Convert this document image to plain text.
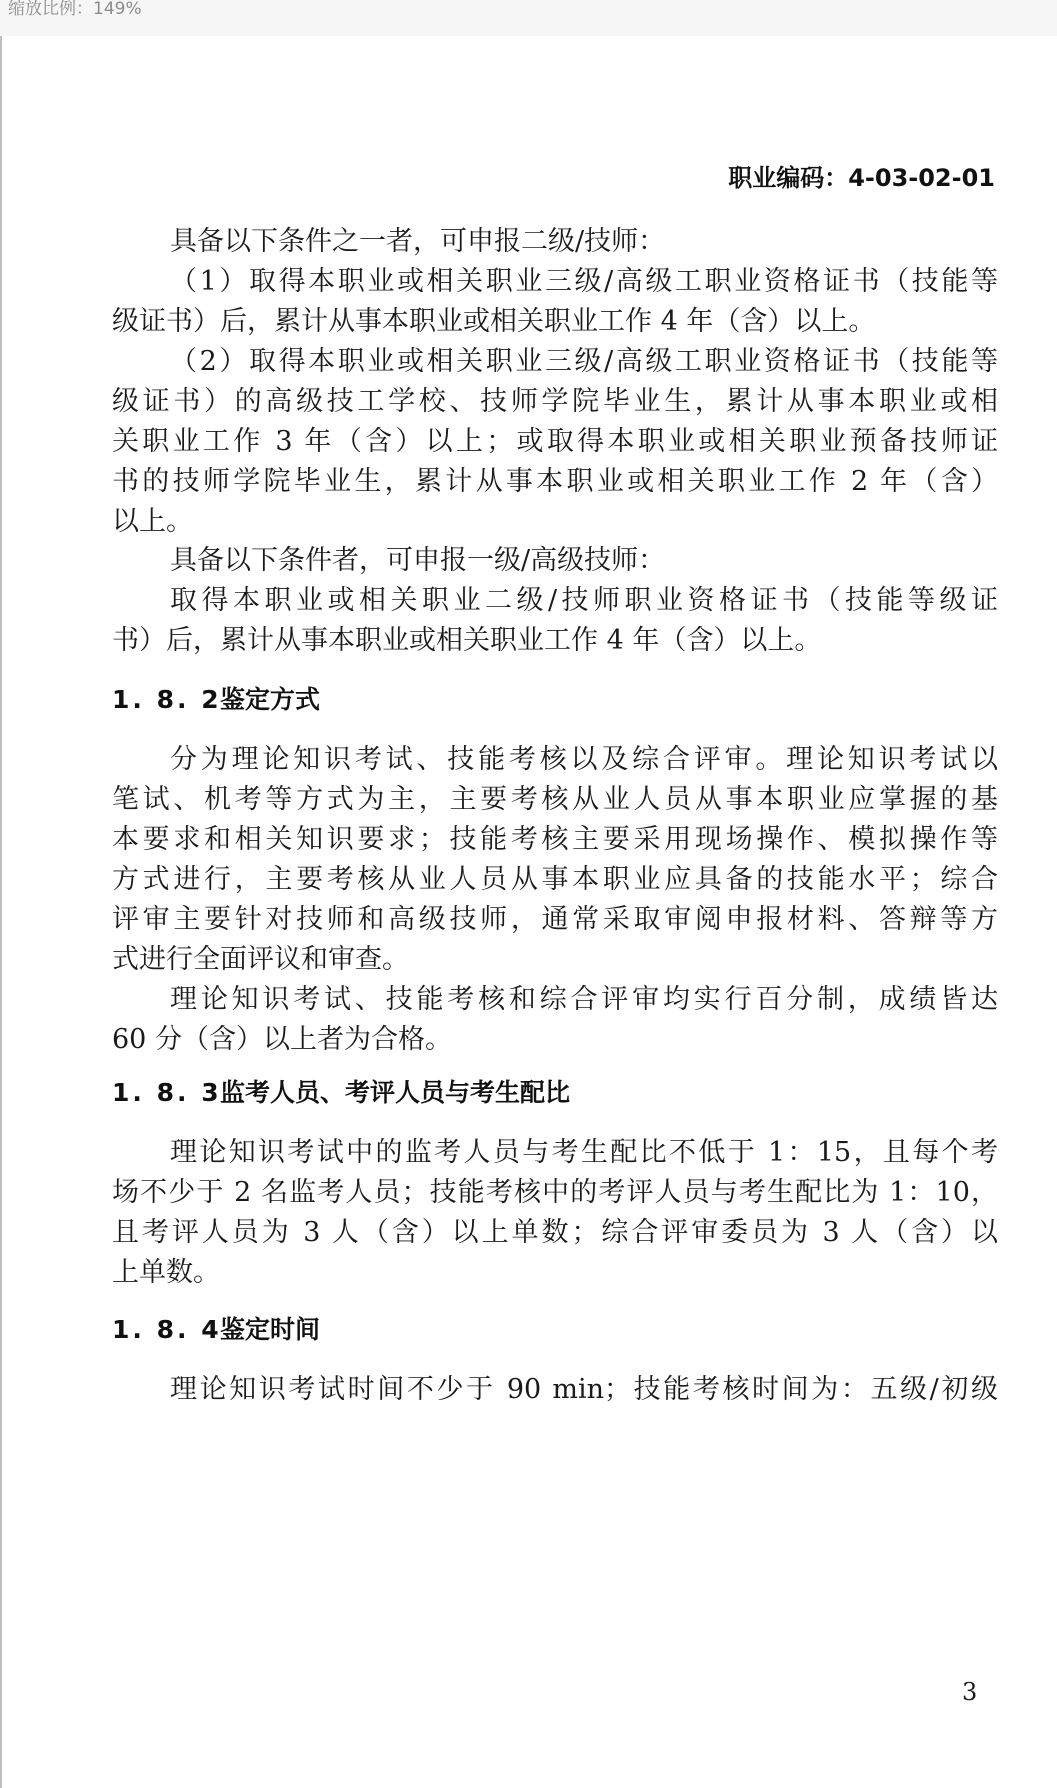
缩放比例：149%
职业编码：4-03-02-01
具备以下条件之一者，可申报二级/技师：
（1）取得本职业或相关职业三级/高级工职业资格证书（技能等
级证书）后，累计从事本职业或相关职业工作 4 年（含）以上。
（2）取得本职业或相关职业三级/高级工职业资格证书（技能等
级证书）的高级技工学校、技师学院毕业生，累计从事本职业或相
关职业工作 3 年（含）以上；或取得本职业或相关职业预备技师证
书的技师学院毕业生，累计从事本职业或相关职业工作 2 年（含）
以上。
具备以下条件者，可申报一级/高级技师：
取得本职业或相关职业二级/技师职业资格证书（技能等级证
书）后，累计从事本职业或相关职业工作 4 年（含）以上。
1. 8. 2鉴定方式
分为理论知识考试、技能考核以及综合评审。理论知识考试以
笔试、机考等方式为主，主要考核从业人员从事本职业应掌握的基
本要求和相关知识要求；技能考核主要采用现场操作、模拟操作等
方式进行，主要考核从业人员从事本职业应具备的技能水平；综合
评审主要针对技师和高级技师，通常采取审阅申报材料、答辩等方
式进行全面评议和审查。
理论知识考试、技能考核和综合评审均实行百分制，成绩皆达
60 分（含）以上者为合格。
1. 8. 3监考人员、考评人员与考生配比
理论知识考试中的监考人员与考生配比不低于 1：15，且每个考
场不少于 2 名监考人员；技能考核中的考评人员与考生配比为 1：10，
且考评人员为 3 人（含）以上单数；综合评审委员为 3 人（含）以
上单数。
1. 8. 4鉴定时间
理论知识考试时间不少于 90 min；技能考核时间为：五级/初级
3
